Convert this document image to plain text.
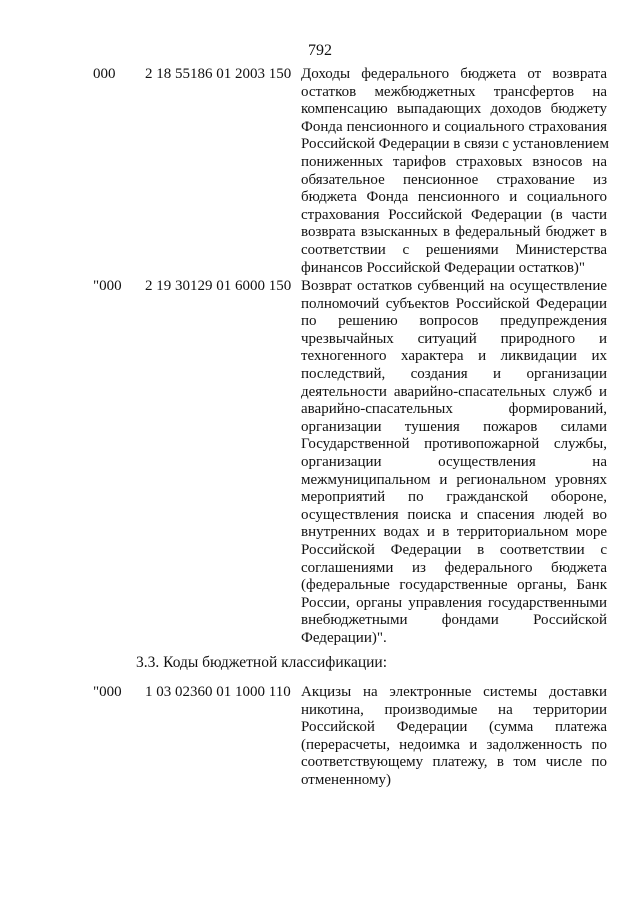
792
000 2 18 55186 01 2003 150 Доходы федерального бюджета от возврата
остатков межбюджетных трансфертов на
компенсацию выпадающих доходов бюджету
Фонда пенсионного и социального страхования
Российской Федерации в связи с установлением
пониженных тарифов страховых взносов на
обязательное пенсионное страхование из
бюджета Фонда пенсионного и социального
страхования Российской Федерации (в части
возврата взысканных в федеральный бюджет в
соответствии с решениями Министерства
финансов Российской Федерации остатков)"
"000 2 19 30129 01 6000 150 Возврат остатков субвенций на осуществление
полномочий субъектов Российской Федерации
по решению вопросов предупреждения
чрезвычайных ситуаций природного и
техногенного характера и ликвидации их
последствий, создания и организации
деятельности аварийно-спасательных служб и
аварийно-спасательных формирований,
организации тушения пожаров силами
Государственной противопожарной службы,
организации осуществления на
межмуниципальном и региональном уровнях
мероприятий по гражданской обороне,
осуществления поиска и спасения людей во
внутренних водах и в территориальном море
Российской Федерации в соответствии с
соглашениями из федерального бюджета
(федеральные государственные органы, Банк
России, органы управления государственными
внебюджетными фондами Российской
Федерации)".
3.3. Коды бюджетной классификации:
"000 1 03 02360 01 1000 110 Акцизы на электронные системы доставки
никотина, производимые на территории
Российской Федерации (сумма платежа
(перерасчеты, недоимка и задолженность по
соответствующему платежу, в том числе по
отмененному)
